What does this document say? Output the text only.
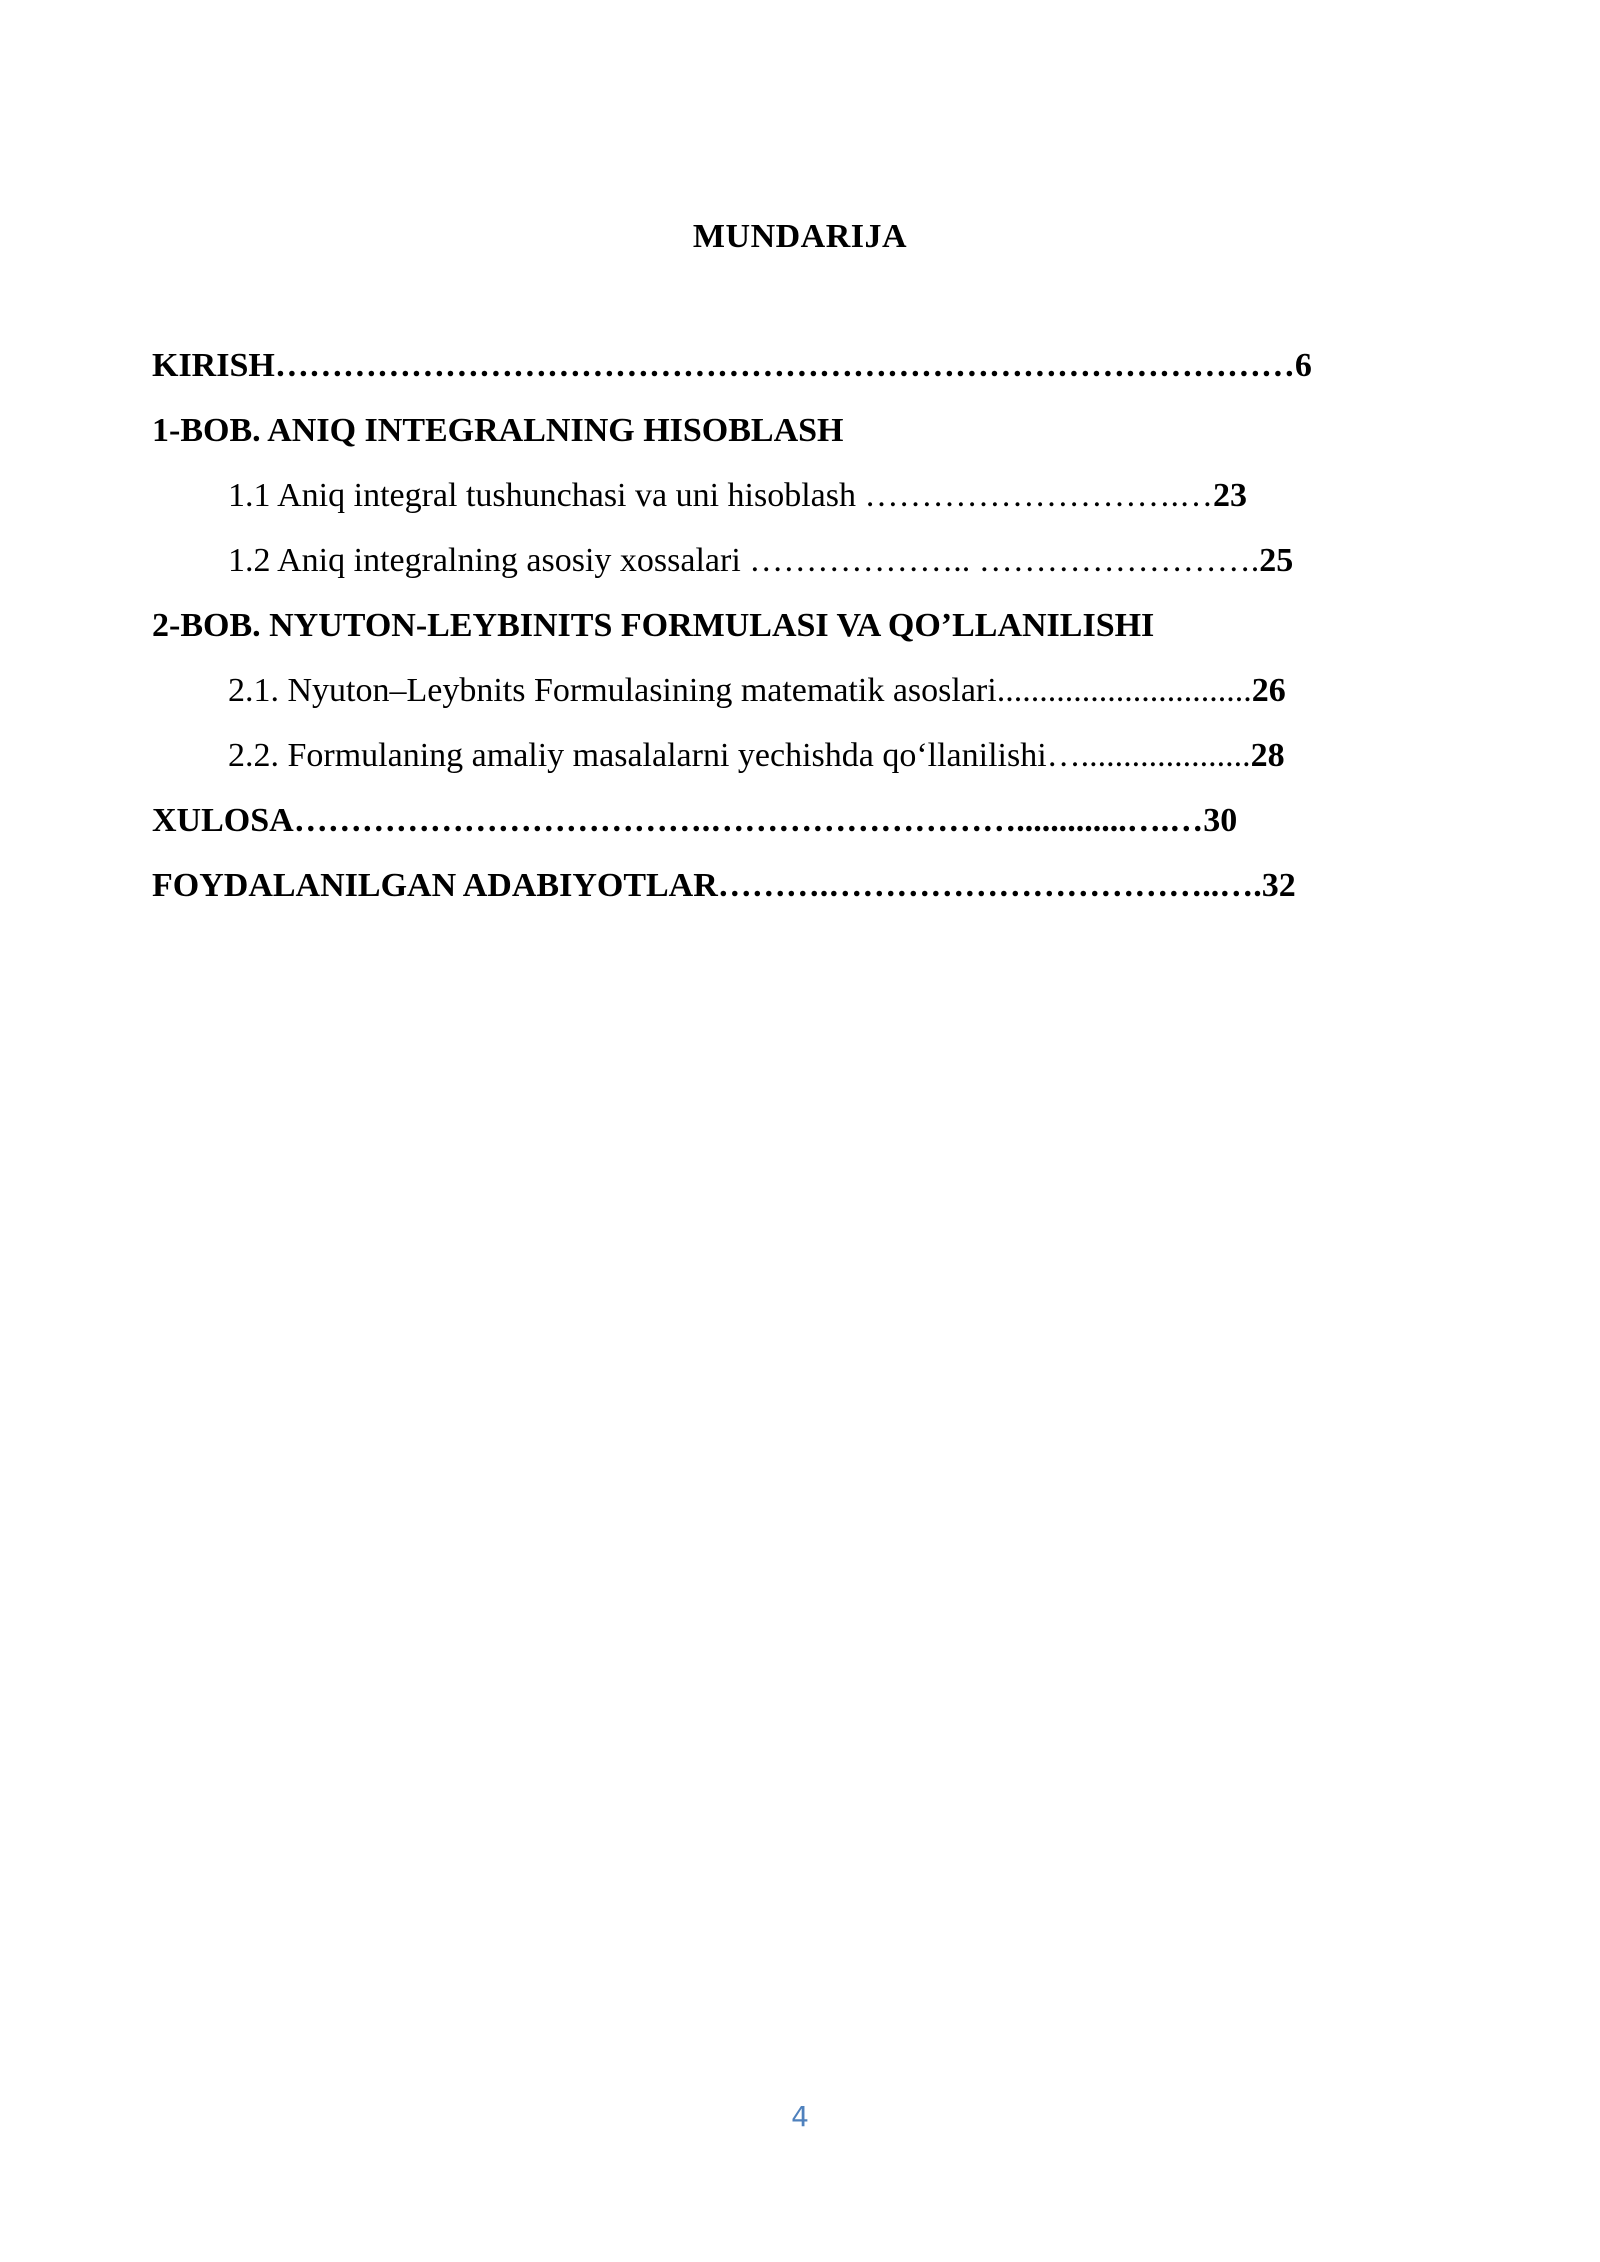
MUNDARIJA
KIRISH………………………………………………………………………………6
1-BOB. ANIQ INTEGRALNING HISOBLASH
1.1 Aniq integral tushunchasi va uni hisoblash ……………………….…23
1.2 Aniq integralning asosiy xossalari ……………….. …………………….25
2-BOB. NYUTON-LEYBINITS FORMULASI VA QO’LLANILISHI
2.1. Nyuton–Leybnits Formulasining matematik asoslari..............................26
2.2. Formulaning amaliy masalalarni yechishda qo‘llanilishi…....................28
XULOSA……………………………….……………………….............….…30
FOYDALANILGAN ADABIYOTLAR……….……………………………..….32
4
